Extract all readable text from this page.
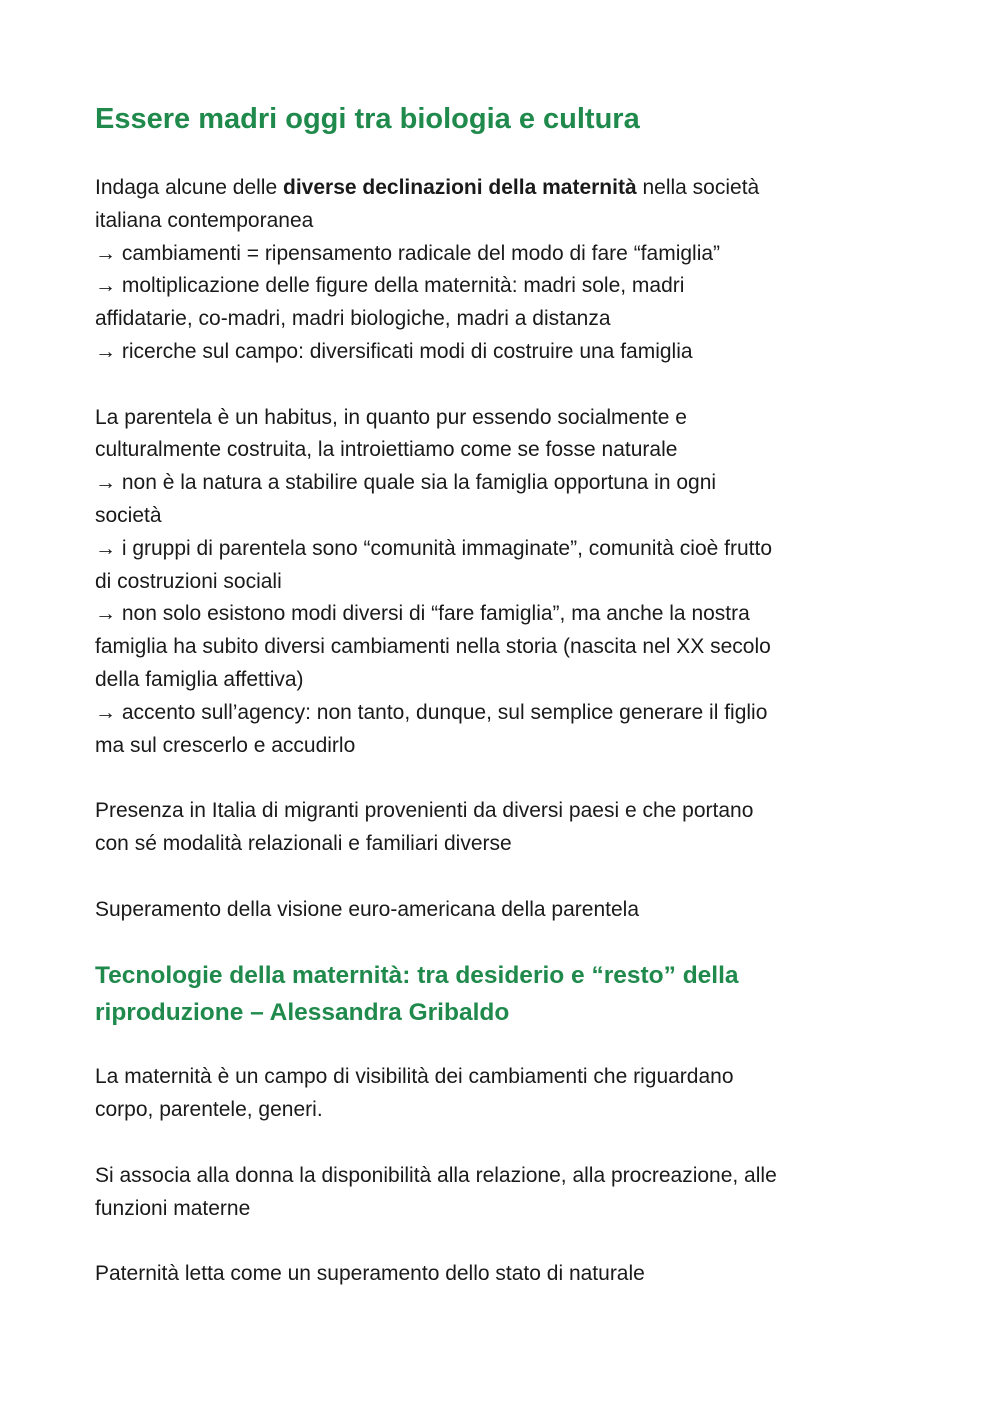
Essere madri oggi tra biologia e cultura

Indaga alcune delle diverse declinazioni della maternità nella società

italiana contemporanea

→ cambiamenti = ripensamento radicale del modo di fare “famiglia”

→ moltiplicazione delle figure della maternità: madri sole, madri

affidatarie, co-madri, madri biologiche, madri a distanza

→ ricerche sul campo: diversificati modi di costruire una famiglia

La parentela è un habitus, in quanto pur essendo socialmente e

culturalmente costruita, la introiettiamo come se fosse naturale

→ non è la natura a stabilire quale sia la famiglia opportuna in ogni

società

→ i gruppi di parentela sono “comunità immaginate”, comunità cioè frutto

di costruzioni sociali

→ non solo esistono modi diversi di “fare famiglia”, ma anche la nostra

famiglia ha subito diversi cambiamenti nella storia (nascita nel XX secolo

della famiglia affettiva)

→ accento sull’agency: non tanto, dunque, sul semplice generare il figlio

ma sul crescerlo e accudirlo

Presenza in Italia di migranti provenienti da diversi paesi e che portano

con sé modalità relazionali e familiari diverse

Superamento della visione euro-americana della parentela

Tecnologie della maternità: tra desiderio e “resto” della
riproduzione – Alessandra Gribaldo

La maternità è un campo di visibilità dei cambiamenti che riguardano

corpo, parentele, generi.

Si associa alla donna la disponibilità alla relazione, alla procreazione, alle

funzioni materne

Paternità letta come un superamento dello stato di naturale
